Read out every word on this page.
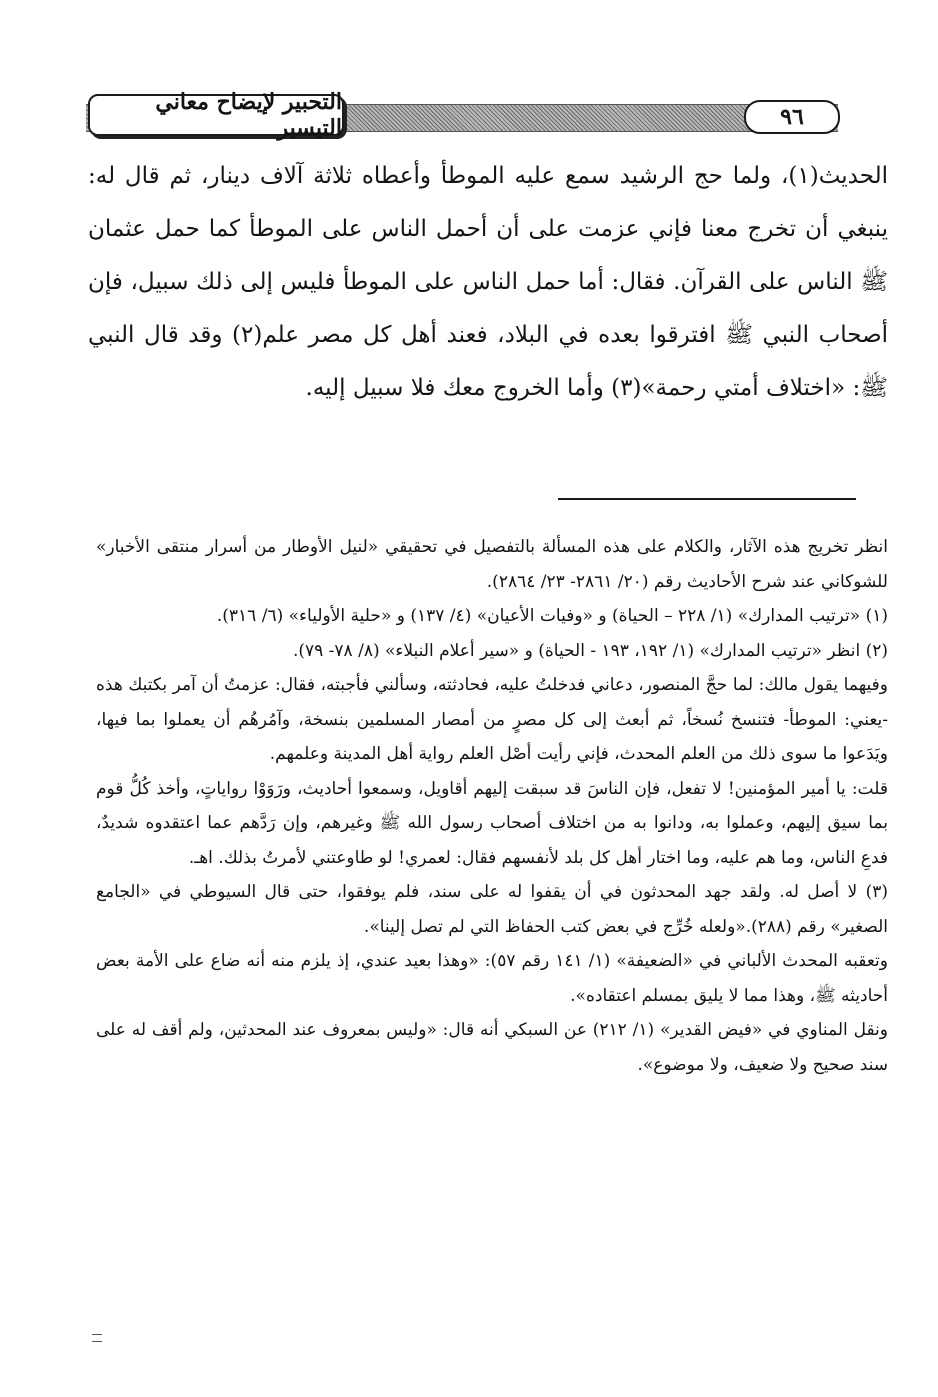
التحبير لإيضاح معاني التيسير	٩٦

الحديث(١)، ولما حج الرشيد سمع عليه الموطأ وأعطاه ثلاثة آلاف دينار، ثم قال له: ينبغي أن تخرج معنا فإني عزمت على أن أحمل الناس على الموطأ كما حمل عثمان ﷺ الناس على القرآن. فقال: أما حمل الناس على الموطأ فليس إلى ذلك سبيل، فإن أصحاب النبي ﷺ افترقوا بعده في البلاد، فعند أهل كل مصر علم(٢) وقد قال النبي ﷺ: «اختلاف أمتي رحمة»(٣) وأما الخروج معك فلا سبيل إليه.

انظر تخريج هذه الآثار، والكلام على هذه المسألة بالتفصيل في تحقيقي «لنيل الأوطار من أسرار منتقى الأخبار» للشوكاني عند شرح الأحاديث رقم (٢٠/ ٢٨٦١- ٢٣/ ٢٨٦٤).

(١) «ترتيب المدارك» (١/ ٢٢٨ – الحياة) و «وفيات الأعيان» (٤/ ١٣٧) و «حلية الأولياء» (٦/ ٣١٦).

(٢) انظر «ترتيب المدارك» (١/ ١٩٢، ١٩٣ - الحياة) و «سير أعلام النبلاء» (٨/ ٧٨- ٧٩).

وفيهما يقول مالك: لما حجَّ المنصور، دعاني فدخلتُ عليه، فحادثته، وسألني فأجبته، فقال: عزمتُ أن آمر بكتبك هذه -يعني: الموطأ- فتنسخ نُسخاً، ثم أبعث إلى كل مصرٍ من أمصار المسلمين بنسخة، وآمُرهُم أن يعملوا بما فيها، ويَدَعوا ما سوى ذلك من العلم المحدث، فإني رأيت أصْل العلم رواية أهل المدينة وعلمهم.

قلت: يا أمير المؤمنين! لا تفعل، فإن الناسَ قد سبقت إليهم أقاويل، وسمعوا أحاديث، ورَوَوْا رواياتٍ، وأخذ كُلُّ قوم بما سيق إليهم، وعملوا به، ودانوا به من اختلاف أصحاب رسول الله ﷺ وغيرهم، وإن رَدَّهم عما اعتقدوه شديدٌ، فدعِ الناس، وما هم عليه، وما اختار أهل كل بلد لأنفسهم فقال: لعمري! لو طاوعتني لأمرتُ بذلك. اهـ.

(٣) لا أصل له. ولقد جهد المحدثون في أن يقفوا له على سند، فلم يوفقوا، حتى قال السيوطي في «الجامع الصغير» رقم (٢٨٨).«ولعله خُرِّج في بعض كتب الحفاظ التي لم تصل إلينا».

وتعقبه المحدث الألباني في «الضعيفة» (١/ ١٤١ رقم ٥٧): «وهذا بعيد عندي، إذ يلزم منه أنه ضاع على الأمة بعض أحاديثه ﷺ، وهذا مما لا يليق بمسلم اعتقاده».

ونقل المناوي في «فيض القدير» (١/ ٢١٢) عن السبكي أنه قال: «وليس بمعروف عند المحدثين، ولم أقف له على سند صحيح ولا ضعيف، ولا موضوع».
